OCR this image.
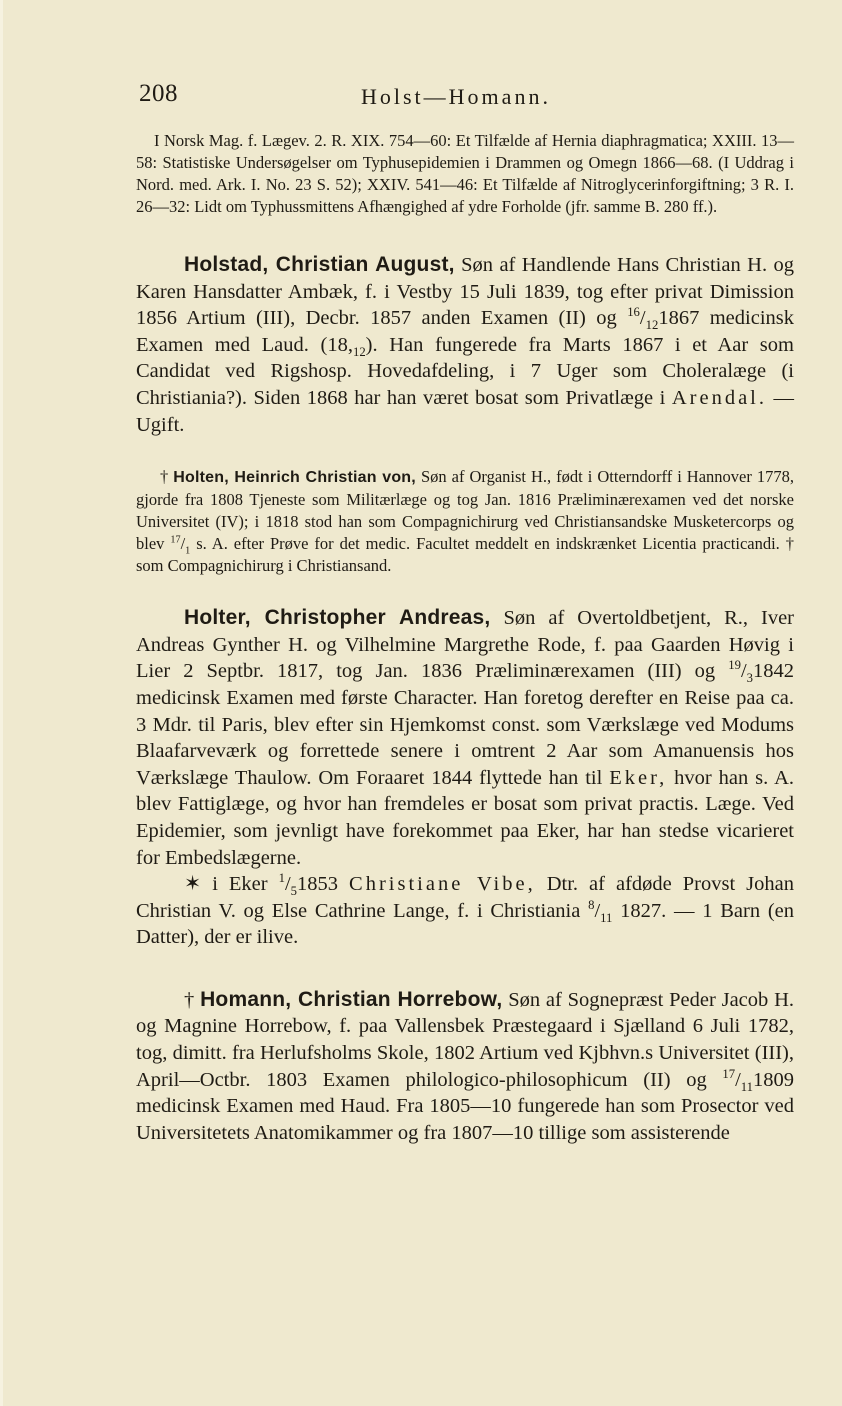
208	Holst—Homann.

I Norsk Mag. f. Lægev. 2. R. XIX. 754—60: Et Tilfælde af Hernia diaphragmatica; XXIII. 13—58: Statistiske Undersøgelser om Typhusepidemien i Drammen og Omegn 1866—68. (I Uddrag i Nord. med. Ark. I. No. 23 S. 52); XXIV. 541—46: Et Tilfælde af Nitroglycerinforgiftning; 3 R. I. 26—32: Lidt om Typhussmittens Afhængighed af ydre Forholde (jfr. samme B. 280 ff.).

Holstad, Christian August, Søn af Handlende Hans Christian H. og Karen Hansdatter Ambæk, f. i Vestby 15 Juli 1839, tog efter privat Dimission 1856 Artium (III), Decbr. 1857 anden Examen (II) og $^{16}/_{12}1867$ medicinsk Examen med Laud. $(18,_{12})$. Han fungerede fra Marts 1867 i et Aar som Candidat ved Rigshosp. Hovedafdeling, i 7 Uger som Choleralæge (i Christiania?). Siden 1868 har han været bosat som Privatlæge i Arendal. — Ugift.

† Holten, Heinrich Christian von, Søn af Organist H., født i Otterndorff i Hannover 1778, gjorde fra 1808 Tjeneste som Militærlæge og tog Jan. 1816 Præliminærexamen ved det norske Universitet (IV); i 1818 stod han som Compagnichirurg ved Christiansandske Musketercorps og blev $^{17}/_1$ s. A. efter Prøve for det medic. Facultet meddelt en indskrænket Licentia practicandi. † som Compagnichirurg i Christiansand.

Holter, Christopher Andreas, Søn af Overtoldbetjent, R., Iver Andreas Gynther H. og Vilhelmine Margrethe Rode, f. paa Gaarden Høvig i Lier 2 Septbr. 1817, tog Jan. 1836 Præliminærexamen (III) og $^{19}/_31842$ medicinsk Examen med første Character. Han foretog derefter en Reise paa ca. 3 Mdr. til Paris, blev efter sin Hjemkomst const. som Værkslæge ved Modums Blaafarveværk og forrettede senere i omtrent 2 Aar som Amanuensis hos Værkslæge Thaulow. Om Foraaret 1844 flyttede han til Eker, hvor han s. A. blev Fattiglæge, og hvor han fremdeles er bosat som privat practis. Læge. Ved Epidemier, som jevnligt have forekommet paa Eker, har han stedse vicarieret for Embedslægerne.
✶ i Eker $^1/_51853$ Christiane Vibe, Dtr. af afdøde Provst Johan Christian V. og Else Cathrine Lange, f. i Christiania $^8/_{11}$ 1827. — 1 Barn (en Datter), der er ilive.

† Homann, Christian Horrebow, Søn af Sognepræst Peder Jacob H. og Magnine Horrebow, f. paa Vallensbek Præstegaard i Sjælland 6 Juli 1782, tog, dimitt. fra Herlufsholms Skole, 1802 Artium ved Kjbhvn.s Universitet (III), April—Octbr. 1803 Examen philologico-philosophicum (II) og $^{17}/_{11}1809$ medicinsk Examen med Haud. Fra 1805—10 fungerede han som Prosector ved Universitetets Anatomikammer og fra 1807—10 tillige som assisterende
